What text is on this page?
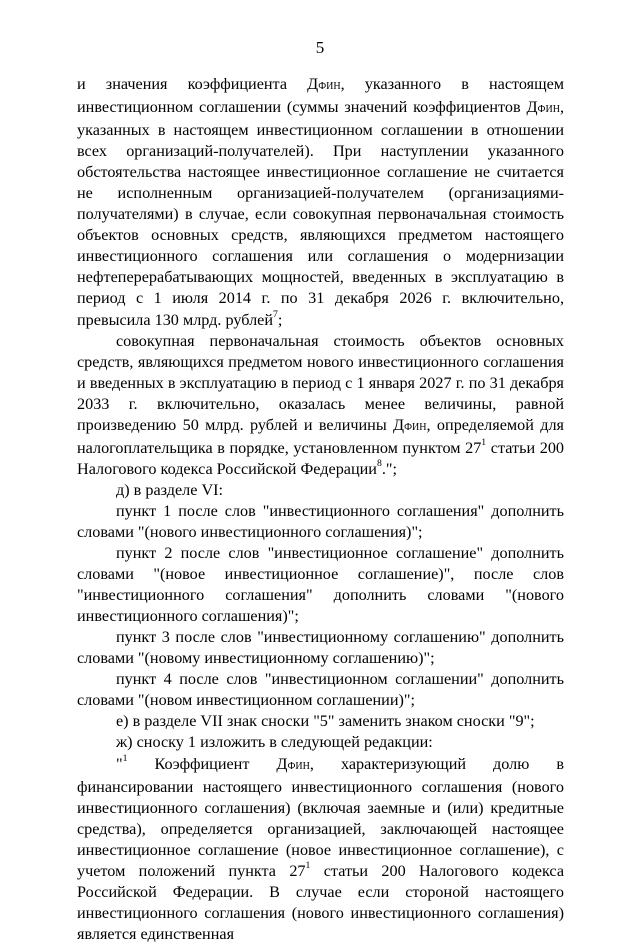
5

и значения коэффициента ДФИН, указанного в настоящем инвестиционном соглашении (суммы значений коэффициентов ДФИН, указанных в настоящем инвестиционном соглашении в отношении всех организаций-получателей). При наступлении указанного обстоятельства настоящее инвестиционное соглашение не считается не исполненным организацией-получателем (организациями-получателями) в случае, если совокупная первоначальная стоимость объектов основных средств, являющихся предметом настоящего инвестиционного соглашения или соглашения о модернизации нефтеперерабатывающих мощностей, введенных в эксплуатацию в период с 1 июля 2014 г. по 31 декабря 2026 г. включительно, превысила 130 млрд. рублей$^7$;

совокупная первоначальная стоимость объектов основных средств, являющихся предметом нового инвестиционного соглашения и введенных в эксплуатацию в период с 1 января 2027 г. по 31 декабря 2033 г. включительно, оказалась менее величины, равной произведению 50 млрд. рублей и величины ДФИН, определяемой для налогоплательщика в порядке, установленном пунктом $27^1$ статьи 200 Налогового кодекса Российской Федерации$^8$.";

д) в разделе VI:

пункт 1 после слов "инвестиционного соглашения" дополнить словами "(нового инвестиционного соглашения)";

пункт 2 после слов "инвестиционное соглашение" дополнить словами "(новое инвестиционное соглашение)", после слов "инвестиционного соглашения" дополнить словами "(нового инвестиционного соглашения)";

пункт 3 после слов "инвестиционному соглашению" дополнить словами "(новому инвестиционному соглашению)";

пункт 4 после слов "инвестиционном соглашении" дополнить словами "(новом инвестиционном соглашении)";

е) в разделе VII знак сноски "5" заменить знаком сноски "9";

ж) сноску 1 изложить в следующей редакции:

"$^1$ Коэффициент ДФИН, характеризующий долю в финансировании настоящего инвестиционного соглашения (нового инвестиционного соглашения) (включая заемные и (или) кредитные средства), определяется организацией, заключающей настоящее инвестиционное соглашение (новое инвестиционное соглашение), с учетом положений пункта $27^1$ статьи 200 Налогового кодекса Российской Федерации. В случае если стороной настоящего инвестиционного соглашения (нового инвестиционного соглашения) является единственная
